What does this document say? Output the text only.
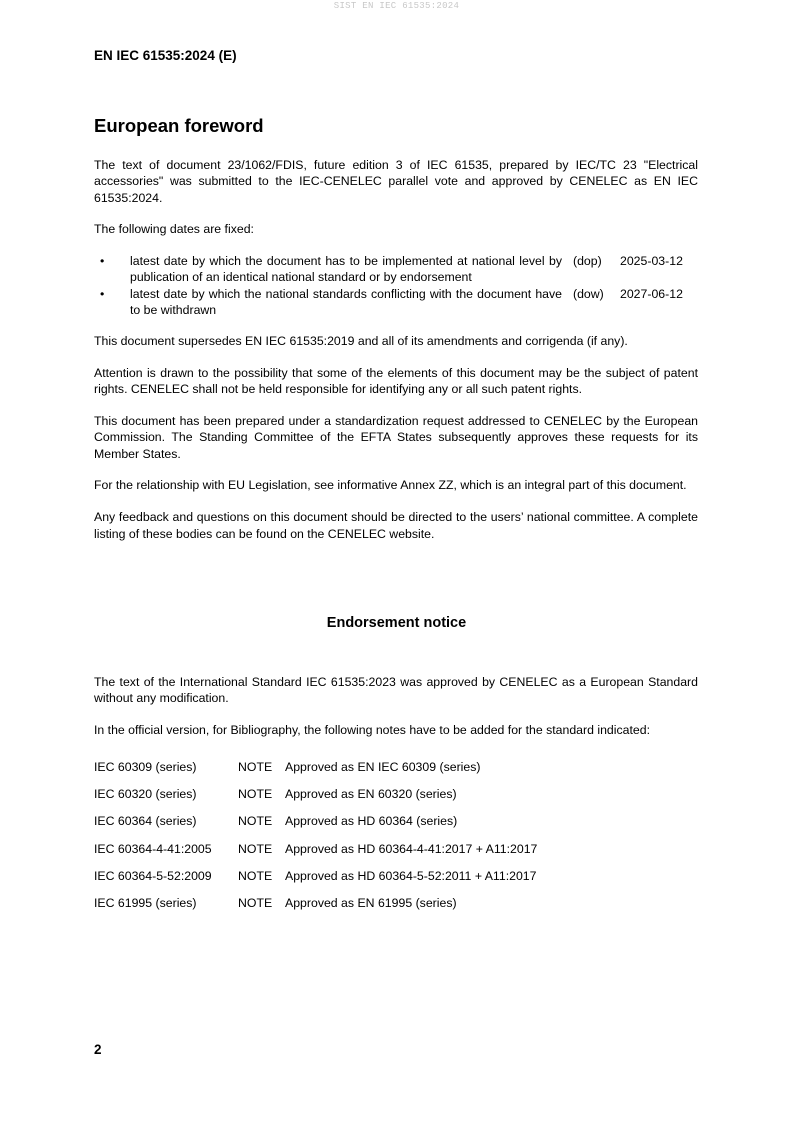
SIST EN IEC 61535:2024
EN IEC 61535:2024 (E)
European foreword

The text of document 23/1062/FDIS, future edition 3 of IEC 61535, prepared by IEC/TC 23 "Electrical accessories" was submitted to the IEC-CENELEC parallel vote and approved by CENELEC as EN IEC 61535:2024.

The following dates are fixed:

• latest date by which the document has to be implemented at national level by publication of an identical national standard or by endorsement
(dop) 2025-03-12
• latest date by which the national standards conflicting with the document have to be withdrawn
(dow) 2027-06-12

This document supersedes EN IEC 61535:2019 and all of its amendments and corrigenda (if any).

Attention is drawn to the possibility that some of the elements of this document may be the subject of patent rights. CENELEC shall not be held responsible for identifying any or all such patent rights.

This document has been prepared under a standardization request addressed to CENELEC by the European Commission. The Standing Committee of the EFTA States subsequently approves these requests for its Member States.

For the relationship with EU Legislation, see informative Annex ZZ, which is an integral part of this document.

Any feedback and questions on this document should be directed to the users’ national committee. A complete listing of these bodies can be found on the CENELEC website.

Endorsement notice

The text of the International Standard IEC 61535:2023 was approved by CENELEC as a European Standard without any modification.

In the official version, for Bibliography, the following notes have to be added for the standard indicated:

IEC 60309 (series)	NOTE Approved as EN IEC 60309 (series)
IEC 60320 (series)	NOTE Approved as EN 60320 (series)
IEC 60364 (series)	NOTE Approved as HD 60364 (series)
IEC 60364-4-41:2005 NOTE Approved as HD 60364-4-41:2017 + A11:2017
IEC 60364-5-52:2009 NOTE Approved as HD 60364-5-52:2011 + A11:2017
IEC 61995 (series)	NOTE Approved as EN 61995 (series)
2
